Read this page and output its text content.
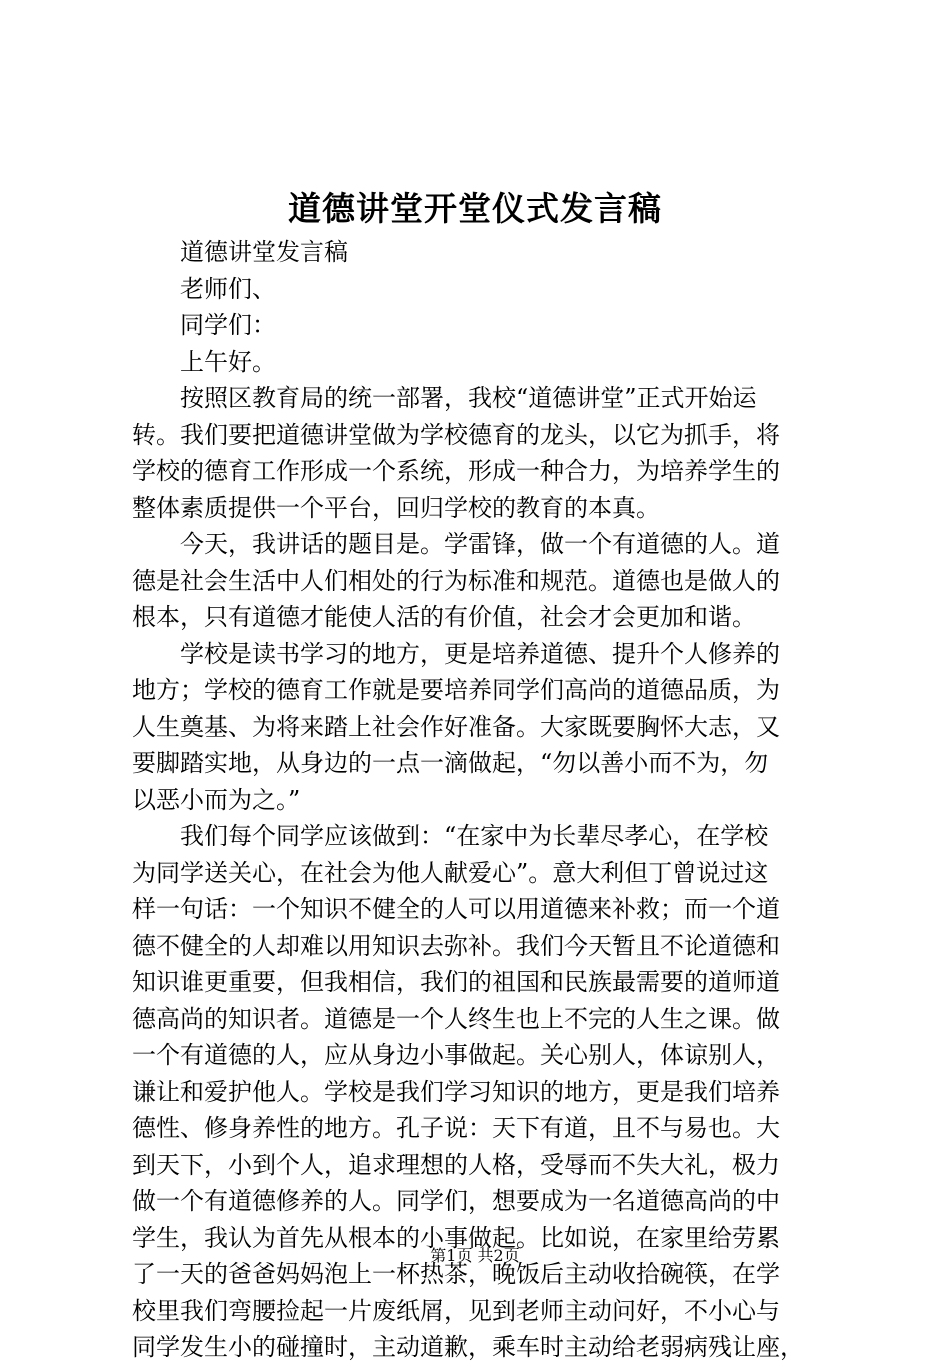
道德讲堂开堂仪式发言稿

道德讲堂发言稿

老师们、

同学们：

上午好。

按照区教育局的统一部署，我校“道德讲堂”正式开始运

转。我们要把道德讲堂做为学校德育的龙头，以它为抓手，将

学校的德育工作形成一个系统，形成一种合力，为培养学生的

整体素质提供一个平台，回归学校的教育的本真。

今天，我讲话的题目是。学雷锋，做一个有道德的人。道

德是社会生活中人们相处的行为标准和规范。道德也是做人的

根本，只有道德才能使人活的有价值，社会才会更加和谐。

学校是读书学习的地方，更是培养道德、提升个人修养的

地方；学校的德育工作就是要培养同学们高尚的道德品质，为

人生奠基、为将来踏上社会作好准备。大家既要胸怀大志，又

要脚踏实地，从身边的一点一滴做起，“勿以善小而不为，勿

以恶小而为之。”

我们每个同学应该做到：“在家中为长辈尽孝心，在学校

为同学送关心，在社会为他人献爱心”。意大利但丁曾说过这

样一句话：一个知识不健全的人可以用道德来补救；而一个道

德不健全的人却难以用知识去弥补。我们今天暂且不论道德和

知识谁更重要，但我相信，我们的祖国和民族最需要的道师道

德高尚的知识者。道德是一个人终生也上不完的人生之课。做

一个有道德的人，应从身边小事做起。关心别人，体谅别人，

谦让和爱护他人。学校是我们学习知识的地方，更是我们培养

德性、修身养性的地方。孔子说：天下有道，且不与易也。大

到天下，小到个人，追求理想的人格，受辱而不失大礼，极力

做一个有道德修养的人。同学们，想要成为一名道德高尚的中

学生，我认为首先从根本的小事做起。比如说，在家里给劳累

了一天的爸爸妈妈泡上一杯热茶，晚饭后主动收拾碗筷，在学

校里我们弯腰捡起一片废纸屑，见到老师主动问好，不小心与

同学发生小的碰撞时，主动道歉，乘车时主动给老弱病残让座，

第1页 共2页
